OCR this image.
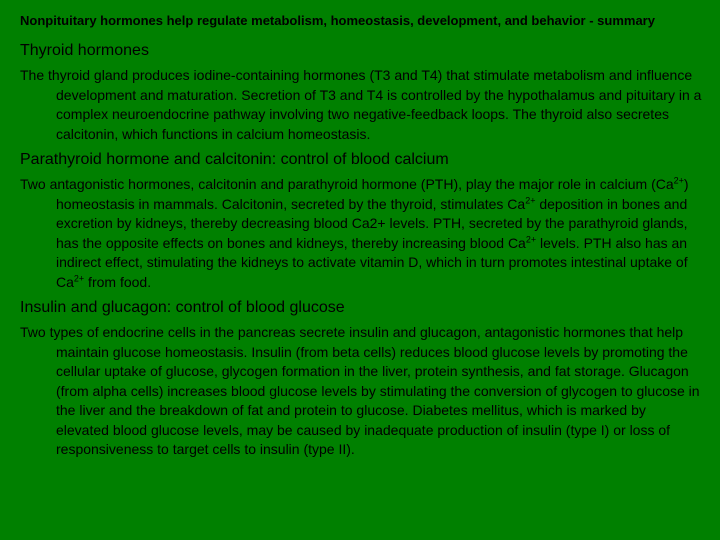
Nonpituitary hormones help regulate metabolism, homeostasis, development, and behavior - summary
Thyroid hormones
The thyroid gland produces iodine-containing hormones (T3 and T4) that stimulate metabolism and influence development and maturation. Secretion of T3 and T4 is controlled by the hypothalamus and pituitary in a complex neuroendocrine pathway involving two negative-feedback loops. The thyroid also secretes calcitonin, which functions in calcium homeostasis.
Parathyroid hormone and calcitonin: control of blood calcium
Two antagonistic hormones, calcitonin and parathyroid hormone (PTH), play the major role in calcium $(Ca^{2+})$ homeostasis in mammals. Calcitonin, secreted by the thyroid, stimulates $Ca^{2+}$ deposition in bones and excretion by kidneys, thereby decreasing blood Ca2+ levels. PTH, secreted by the parathyroid glands, has the opposite effects on bones and kidneys, thereby increasing blood $Ca^{2+}$ levels. PTH also has an indirect effect, stimulating the kidneys to activate vitamin D, which in turn promotes intestinal uptake of $Ca^{2+}$ from food.
Insulin and glucagon: control of blood glucose
Two types of endocrine cells in the pancreas secrete insulin and glucagon, antagonistic hormones that help maintain glucose homeostasis. Insulin (from beta cells) reduces blood glucose levels by promoting the cellular uptake of glucose, glycogen formation in the liver, protein synthesis, and fat storage. Glucagon (from alpha cells) increases blood glucose levels by stimulating the conversion of glycogen to glucose in the liver and the breakdown of fat and protein to glucose. Diabetes mellitus, which is marked by elevated blood glucose levels, may be caused by inadequate production of insulin (type I) or loss of responsiveness to target cells to insulin (type II).
